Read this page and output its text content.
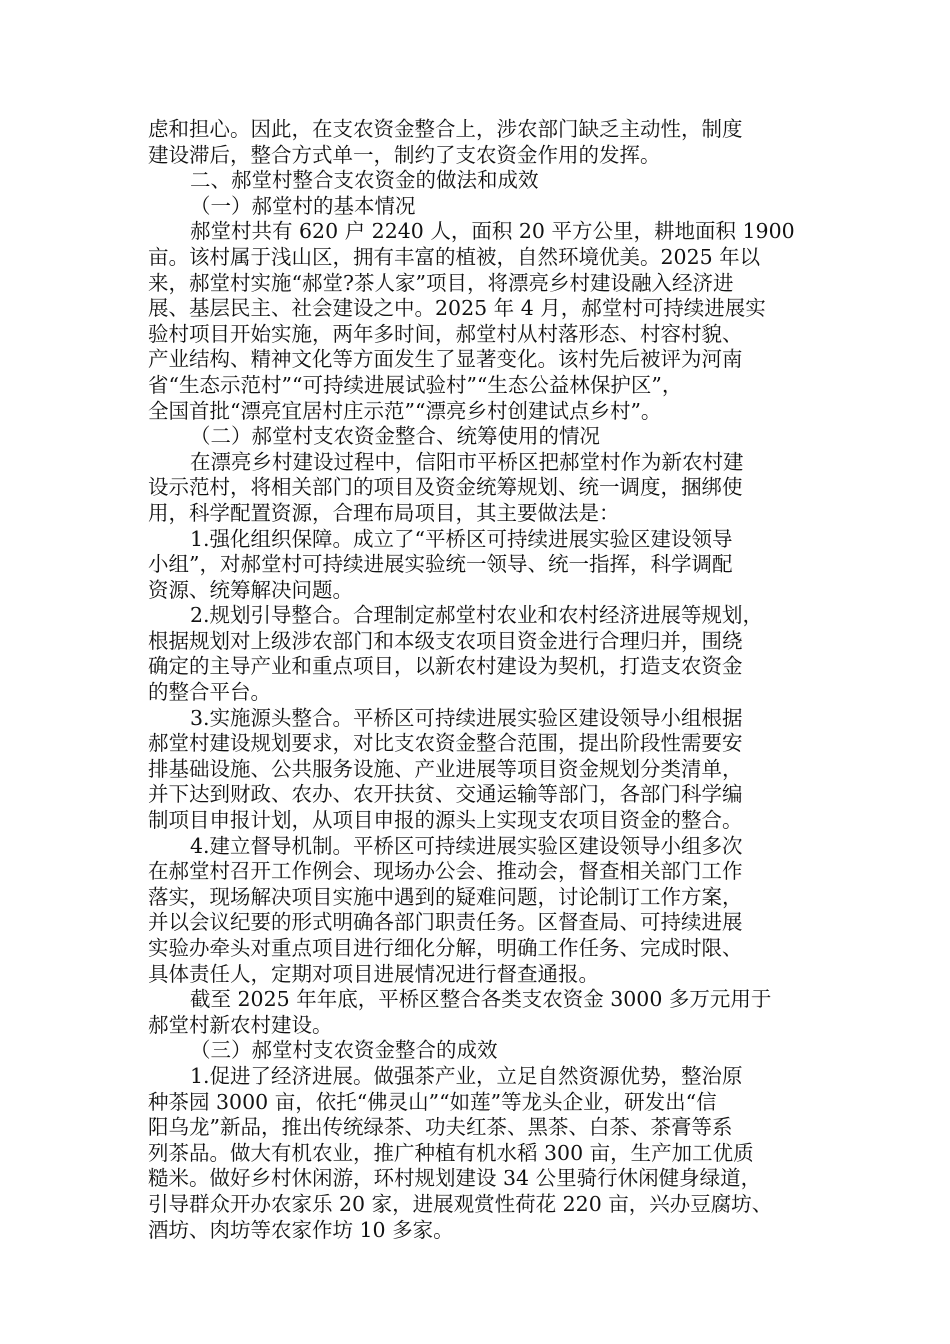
虑和担心。因此，在支农资金整合上，涉农部门缺乏主动性，制度
建设滞后，整合方式单一，制约了支农资金作用的发挥。
二、郝堂村整合支农资金的做法和成效
（一）郝堂村的基本情况
郝堂村共有 620 户 2240 人，面积 20 平方公里，耕地面积 1900
亩。该村属于浅山区，拥有丰富的植被，自然环境优美。2025 年以
来，郝堂村实施“郝堂?茶人家”项目，将漂亮乡村建设融入经济进
展、基层民主、社会建设之中。2025 年 4 月，郝堂村可持续进展实
验村项目开始实施，两年多时间，郝堂村从村落形态、村容村貌、
产业结构、精神文化等方面发生了显著变化。该村先后被评为河南
省“生态示范村”“可持续进展试验村”“生态公益林保护区”，
全国首批“漂亮宜居村庄示范”“漂亮乡村创建试点乡村”。
（二）郝堂村支农资金整合、统筹使用的情况
在漂亮乡村建设过程中，信阳市平桥区把郝堂村作为新农村建
设示范村，将相关部门的项目及资金统筹规划、统一调度，捆绑使
用，科学配置资源，合理布局项目，其主要做法是：
1.强化组织保障。成立了“平桥区可持续进展实验区建设领导
小组”，对郝堂村可持续进展实验统一领导、统一指挥，科学调配
资源、统筹解决问题。
2.规划引导整合。合理制定郝堂村农业和农村经济进展等规划，
根据规划对上级涉农部门和本级支农项目资金进行合理归并，围绕
确定的主导产业和重点项目，以新农村建设为契机，打造支农资金
的整合平台。
3.实施源头整合。平桥区可持续进展实验区建设领导小组根据
郝堂村建设规划要求，对比支农资金整合范围，提出阶段性需要安
排基础设施、公共服务设施、产业进展等项目资金规划分类清单，
并下达到财政、农办、农开扶贫、交通运输等部门，各部门科学编
制项目申报计划，从项目申报的源头上实现支农项目资金的整合。
4.建立督导机制。平桥区可持续进展实验区建设领导小组多次
在郝堂村召开工作例会、现场办公会、推动会，督查相关部门工作
落实，现场解决项目实施中遇到的疑难问题，讨论制订工作方案，
并以会议纪要的形式明确各部门职责任务。区督查局、可持续进展
实验办牵头对重点项目进行细化分解，明确工作任务、完成时限、
具体责任人，定期对项目进展情况进行督查通报。
截至 2025 年年底，平桥区整合各类支农资金 3000 多万元用于
郝堂村新农村建设。
（三）郝堂村支农资金整合的成效
1.促进了经济进展。做强茶产业，立足自然资源优势，整治原
种茶园 3000 亩，依托“佛灵山”“如莲”等龙头企业，研发出“信
阳乌龙”新品，推出传统绿茶、功夫红茶、黑茶、白茶、茶膏等系
列茶品。做大有机农业，推广种植有机水稻 300 亩，生产加工优质
糙米。做好乡村休闲游，环村规划建设 34 公里骑行休闲健身绿道，
引导群众开办农家乐 20 家，进展观赏性荷花 220 亩，兴办豆腐坊、
酒坊、肉坊等农家作坊 10 多家。
